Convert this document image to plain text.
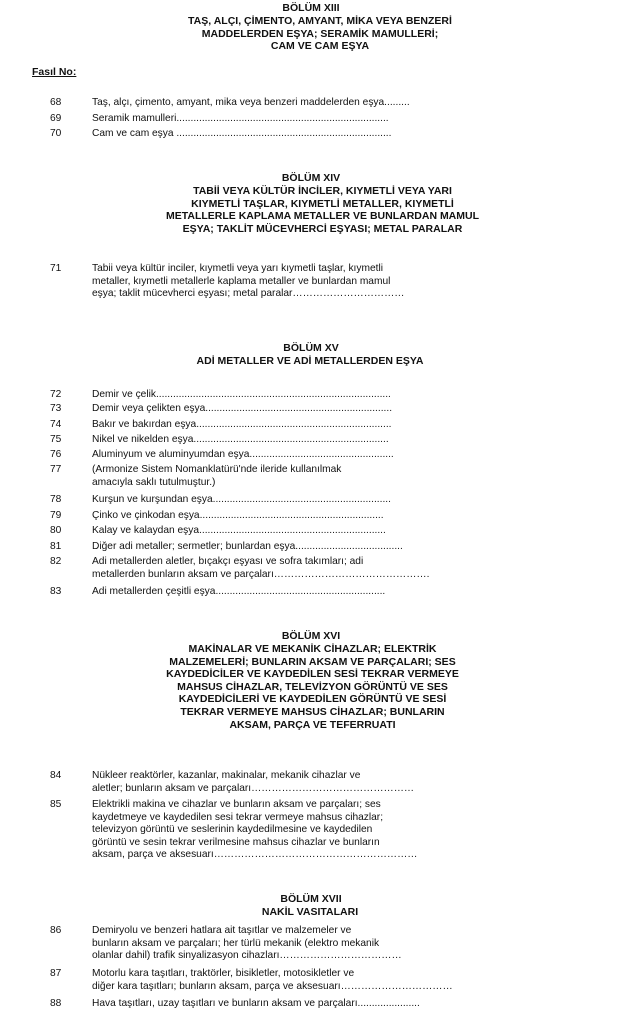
Fasıl No:
BÖLÜM XIII
TAŞ, ALÇI, ÇİMENTO, AMYANT, MİKA VEYA BENZERİ
MADDELERDEN EŞYA; SERAMİK MAMULLERİ;
CAM VE CAM EŞYA
68	Taş, alçı, çimento, amyant, mika veya benzeri maddelerden eşya.........
69	Seramik mamulleri...........................................................................
70	Cam ve cam eşya ............................................................................
BÖLÜM XIV
TABİİ VEYA KÜLTÜR İNCİLER, KIYMETLİ VEYA YARI
KIYMETLİ TAŞLAR, KIYMETLİ METALLER, KIYMETLİ
METALLERLE KAPLAMA METALLER VE BUNLARDAN MAMUL
EŞYA; TAKLİT MÜCEVHERCİ EŞYASI; METAL PARALAR
71	Tabii veya kültür inciler, kıymetli veya yarı kıymetli taşlar, kıymetli
metaller, kıymetli metallerle kaplama metaller ve bunlardan mamul
eşya; taklit mücevherci eşyası; metal paralar……………………………
BÖLÜM XV
ADİ METALLER VE ADİ METALLERDEN EŞYA
72	Demir ve çelik...................................................................................
73	Demir veya çelikten eşya..................................................................
74	Bakır ve bakırdan eşya.....................................................................
75	Nikel ve nikelden eşya.....................................................................
76	Aluminyum ve aluminyumdan eşya...................................................
77	(Armonize Sistem Nomanklatürü'nde ileride kullanılmak
amacıyla saklı tutulmuştur.)
78	Kurşun ve kurşundan eşya...............................................................
79	Çinko ve çinkodan eşya.................................................................
80	Kalay ve kalaydan eşya..................................................................
81	Diğer adi metaller; sermetler; bunlardan eşya......................................
82	Adi metallerden aletler, bıçakçı eşyası ve sofra takımları; adi
metallerden bunların aksam ve parçaları……………………………………….
83	Adi metallerden çeşitli eşya............................................................
BÖLÜM XVI
MAKİNALAR VE MEKANİK CİHAZLAR; ELEKTRİK
MALZEMELERİ; BUNLARIN AKSAM VE PARÇALARI; SES
KAYDEDİCİLER VE KAYDEDİLEN SESİ TEKRAR VERMEYE
MAHSUS CİHAZLAR, TELEVİZYON GÖRÜNTÜ VE SES
KAYDEDİCİLERİ VE KAYDEDİLEN GÖRÜNTÜ VE SESİ
TEKRAR VERMEYE MAHSUS CİHAZLAR; BUNLARIN
AKSAM, PARÇA VE TEFERRUATI
84	Nükleer reaktörler, kazanlar, makinalar, mekanik cihazlar ve
aletler; bunların aksam ve parçaları…………………………………………
85	Elektrikli makina ve cihazlar ve bunların aksam ve parçaları; ses
kaydetmeye ve kaydedilen sesi tekrar vermeye mahsus cihazlar;
televizyon görüntü ve seslerinin kaydedilmesine ve kaydedilen
görüntü ve sesin tekrar verilmesine mahsus cihazlar ve bunların
aksam, parça ve aksesuarı……………………………………………………
BÖLÜM XVII
NAKİL VASITALARI
86	Demiryolu ve benzeri hatlara ait taşıtlar ve malzemeler ve
bunların aksam ve parçaları; her türlü mekanik (elektro mekanik
olanlar dahil) trafik sinyalizasyon cihazları………………………………
87	Motorlu kara taşıtları, traktörler, bisikletler, motosikletler ve
diğer kara taşıtları; bunların aksam, parça ve aksesuarı……………………………
88	Hava taşıtları, uzay taşıtları ve bunların aksam ve parçaları......................
